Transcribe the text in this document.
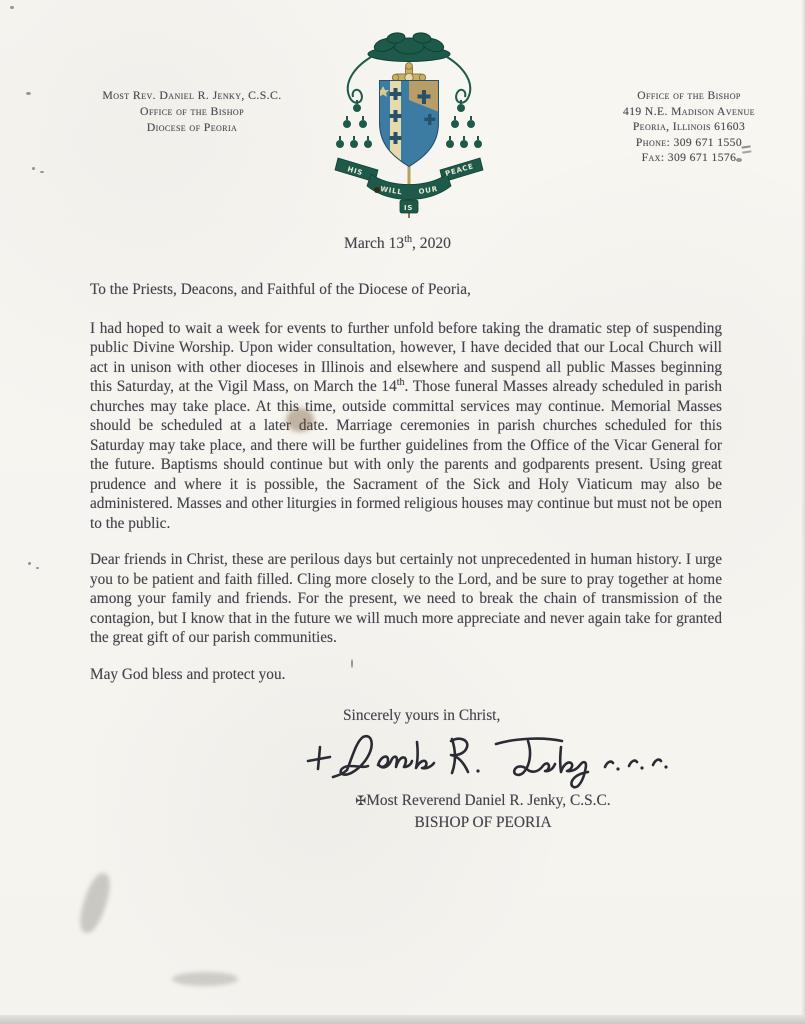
Most Rev. Daniel R. Jenky, C.S.C.
Office of the Bishop
Diocese of Peoria
HIS
WILL OUR
PEACE
IS
Office of the Bishop
419 N.E. Madison Avenue
Peoria, Illinois 61603
Phone: 309 671 1550
Fax: 309 671 1576
March 13th, 2020

To the Priests, Deacons, and Faithful of the Diocese of Peoria,

I had hoped to wait a week for events to further unfold before taking the dramatic step of suspending public Divine Worship. Upon wider consultation, however, I have decided that our Local Church will act in unison with other dioceses in Illinois and elsewhere and suspend all public Masses beginning this Saturday, at the Vigil Mass, on March the 14th. Those funeral Masses already scheduled in parish churches may take place. At this time, outside committal services may continue. Memorial Masses should be scheduled at a later date. Marriage ceremonies in parish churches scheduled for this Saturday may take place, and there will be further guidelines from the Office of the Vicar General for the future. Baptisms should continue but with only the parents and godparents present. Using great prudence and where it is possible, the Sacrament of the Sick and Holy Viaticum may also be administered. Masses and other liturgies in formed religious houses may continue but must not be open to the public.

Dear friends in Christ, these are perilous days but certainly not unprecedented in human history. I urge you to be patient and faith filled. Cling more closely to the Lord, and be sure to pray together at home among your family and friends. For the present, we need to break the chain of transmission of the contagion, but I know that in the future we will much more appreciate and never again take for granted the great gift of our parish communities.

May God bless and protect you.

Sincerely yours in Christ,
✠Most Reverend Daniel R. Jenky, C.S.C.
BISHOP OF PEORIA
